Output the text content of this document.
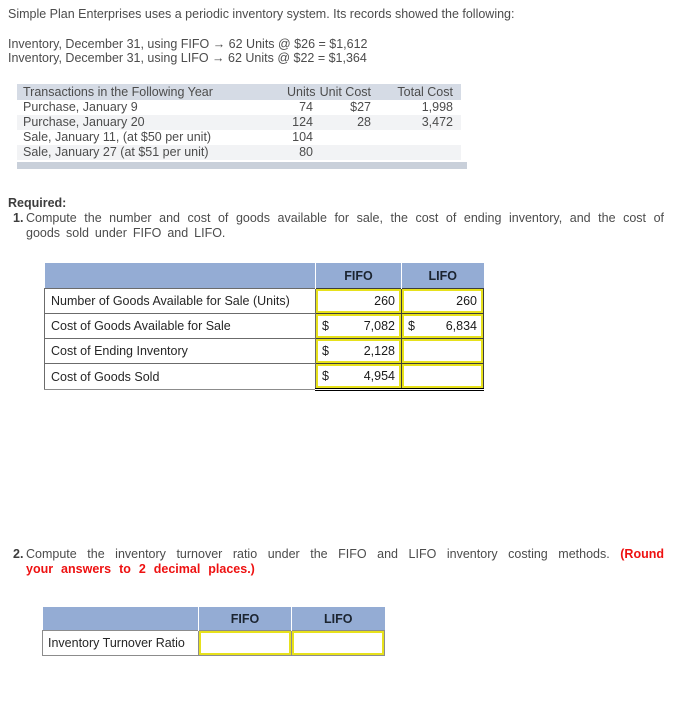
Simple Plan Enterprises uses a periodic inventory system. Its records showed the following:
Inventory, December 31, using FIFO → 62 Units @ $26 = $1,612
Inventory, December 31, using LIFO → 62 Units @ $22 = $1,364
Transactions in the Following Year	Units	Unit Cost	Total Cost
Purchase, January 9	74	$27	1,998
Purchase, January 20	124	28	3,472
Sale, January 11, (at $50 per unit)	104		
Sale, January 27 (at $51 per unit)	80		
Required:
1. Compute the number and cost of goods available for sale, the cost of ending inventory, and the cost of goods sold under FIFO and LIFO.
	FIFO	LIFO
Number of Goods Available for Sale (Units)	260	260

Cost of Goods Available for Sale	$ 7,082	$ 6,834

Cost of Ending Inventory	$ 2,128	

Cost of Goods Sold	$ 4,954	

2. Compute the inventory turnover ratio under the FIFO and LIFO inventory costing methods. (Round your answers to 2 decimal places.)
	FIFO	LIFO
Inventory Turnover Ratio	
